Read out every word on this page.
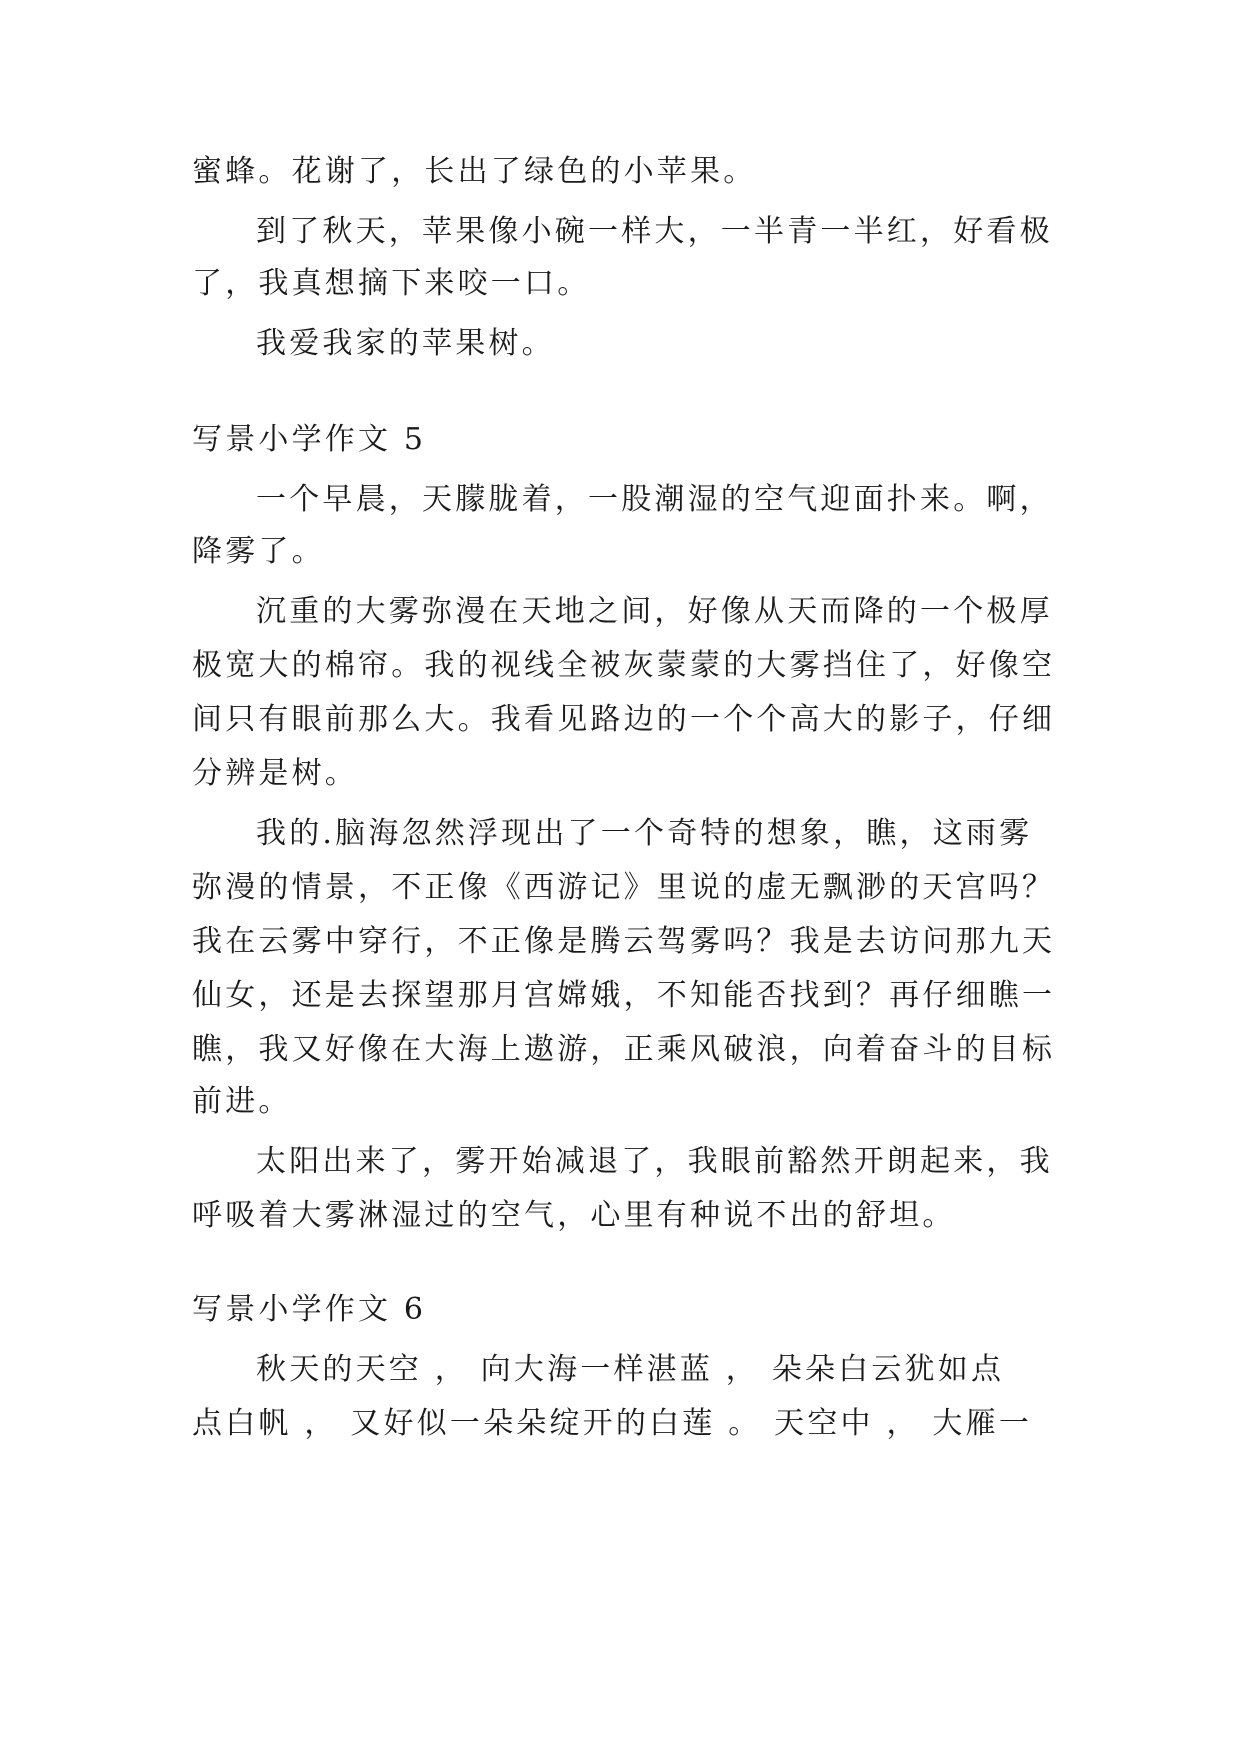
蜜蜂。花谢了，长出了绿色的小苹果。
到了秋天，苹果像小碗一样大，一半青一半红，好看极
了，我真想摘下来咬一口。
我爱我家的苹果树。
写景小学作文 5
一个早晨，天朦胧着，一股潮湿的空气迎面扑来。啊，
降雾了。
沉重的大雾弥漫在天地之间，好像从天而降的一个极厚
极宽大的棉帘。我的视线全被灰蒙蒙的大雾挡住了，好像空
间只有眼前那么大。我看见路边的一个个高大的影子，仔细
分辨是树。
我的.脑海忽然浮现出了一个奇特的想象，瞧，这雨雾
弥漫的情景，不正像《西游记》里说的虚无飘渺的天宫吗？
我在云雾中穿行，不正像是腾云驾雾吗？我是去访问那九天
仙女，还是去探望那月宫嫦娥，不知能否找到？再仔细瞧一
瞧，我又好像在大海上遨游，正乘风破浪，向着奋斗的目标
前进。
太阳出来了，雾开始减退了，我眼前豁然开朗起来，我
呼吸着大雾淋湿过的空气，心里有种说不出的舒坦。
写景小学作文 6
秋天的天空 ， 向大海一样湛蓝 ， 朵朵白云犹如点
点白帆 ， 又好似一朵朵绽开的白莲 。 天空中 ， 大雁一
